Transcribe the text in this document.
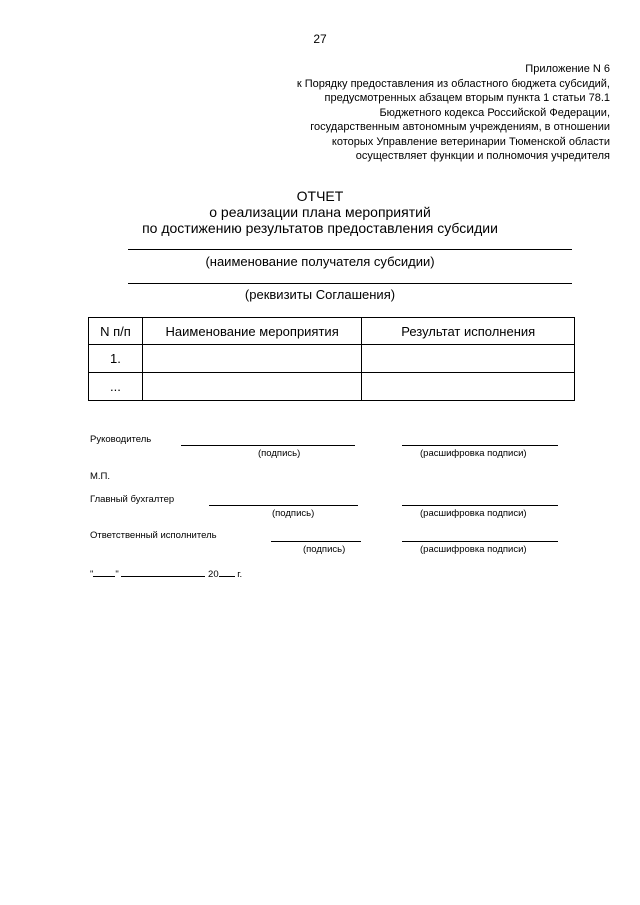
27
Приложение N 6
к Порядку предоставления из областного бюджета субсидий,
предусмотренных абзацем вторым пункта 1 статьи 78.1
Бюджетного кодекса Российской Федерации,
государственным автономным учреждениям, в отношении
которых Управление ветеринарии Тюменской области
осуществляет функции и полномочия учредителя
ОТЧЕТ
о реализации плана мероприятий
по достижению результатов предоставления субсидии
(наименование получателя субсидии)
(реквизиты Соглашения)
N п/п	Наименование мероприятия	Результат исполнения
1.		
...		
Руководитель
(подпись)	(расшифровка подписи)
М.П.
Главный бухгалтер
(подпись)	(расшифровка подписи)
Ответственный исполнитель
(подпись)	(расшифровка подписи)
" "	20 г.
